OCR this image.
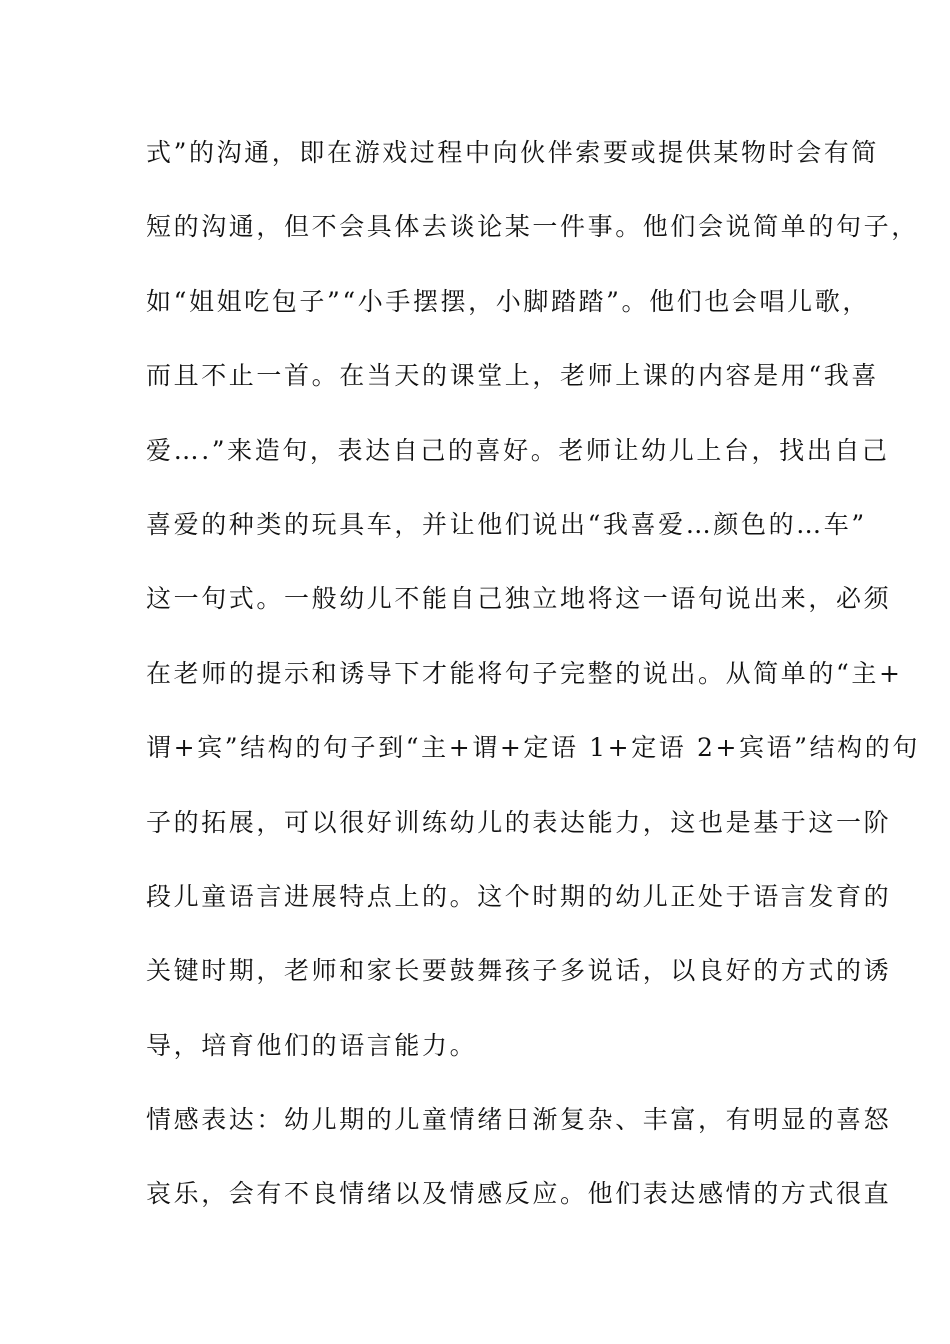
式”的沟通，即在游戏过程中向伙伴索要或提供某物时会有简
短的沟通，但不会具体去谈论某一件事。他们会说简单的句子，
如“姐姐吃包子”“小手摆摆，小脚踏踏”。他们也会唱儿歌，
而且不止一首。在当天的课堂上，老师上课的内容是用“我喜
爱….”来造句，表达自己的喜好。老师让幼儿上台，找出自己
喜爱的种类的玩具车，并让他们说出“我喜爱…颜色的…车”
这一句式。一般幼儿不能自己独立地将这一语句说出来，必须
在老师的提示和诱导下才能将句子完整的说出。从简单的“主+
谓+宾”结构的句子到“主+谓+定语 1+定语 2+宾语”结构的句
子的拓展，可以很好训练幼儿的表达能力，这也是基于这一阶
段儿童语言进展特点上的。这个时期的幼儿正处于语言发育的
关键时期，老师和家长要鼓舞孩子多说话，以良好的方式的诱
导，培育他们的语言能力。
情感表达：幼儿期的儿童情绪日渐复杂、丰富，有明显的喜怒
哀乐，会有不良情绪以及情感反应。他们表达感情的方式很直
